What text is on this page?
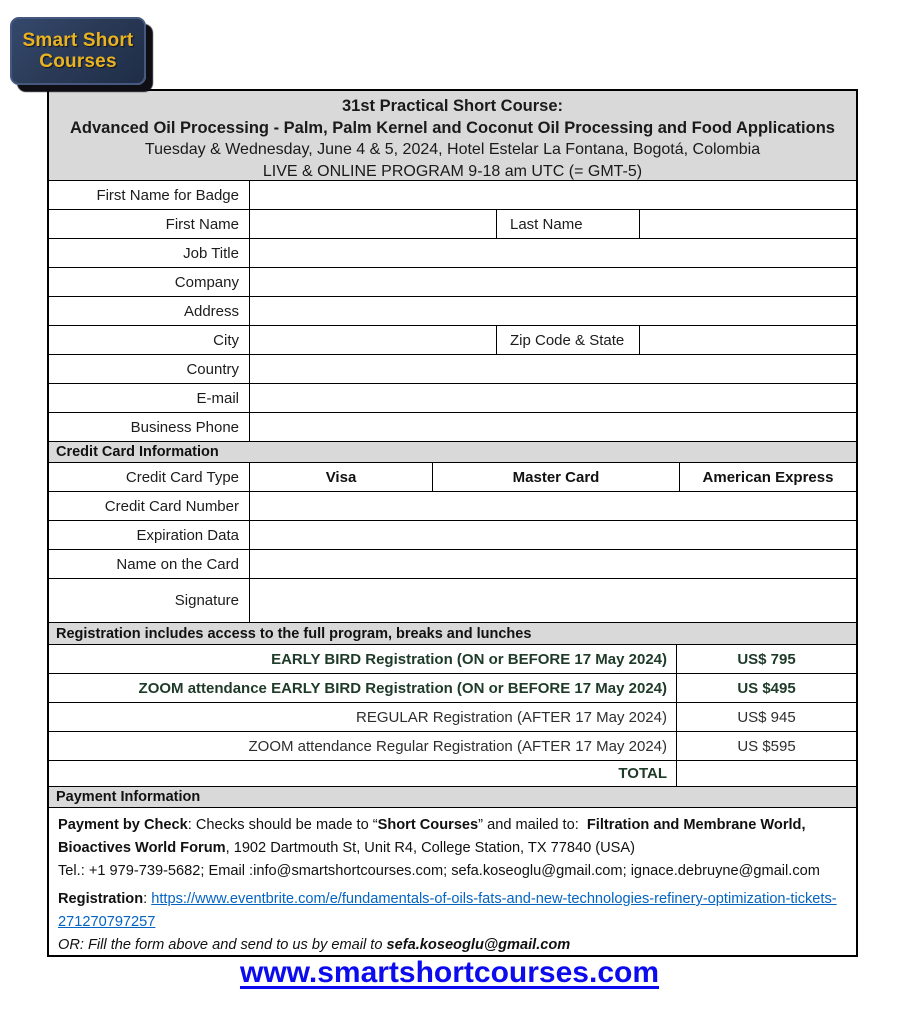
Smart Short
Courses
31st Practical Short Course:
Advanced Oil Processing - Palm, Palm Kernel and Coconut Oil Processing and Food Applications
Tuesday & Wednesday, June 4 & 5, 2024, Hotel Estelar La Fontana, Bogotá, Colombia
LIVE & ONLINE PROGRAM 9-18 am UTC (= GMT-5)
First Name for Badge
First Name	Last Name
Job Title
Company
Address
City	Zip Code & State
Country
E-mail
Business Phone
Credit Card Information
Credit Card Type	Visa	Master Card	American Express
Credit Card Number
Expiration Data
Name on the Card
Signature
Registration includes access to the full program, breaks and lunches
EARLY BIRD Registration (ON or BEFORE 17 May 2024)	US$ 795
ZOOM attendance EARLY BIRD Registration (ON or BEFORE 17 May 2024)	US $495
REGULAR Registration (AFTER 17 May 2024)	US$ 945
ZOOM attendance Regular Registration (AFTER 17 May 2024)	US $595
TOTAL
Payment Information

Payment by Check: Checks should be made to “Short Courses” and mailed to:  Filtration and Membrane World,

Bioactives World Forum, 1902 Dartmouth St, Unit R4, College Station, TX 77840 (USA)

Tel.: +1 979-739-5682; Email :info@smartshortcourses.com; sefa.koseoglu@gmail.com; ignace.debruyne@gmail.com

Registration: https://www.eventbrite.com/e/fundamentals-of-oils-fats-and-new-technologies-refinery-optimization-tickets-271270797257

OR: Fill the form above and send to us by email to sefa.koseoglu@gmail.com

www.smartshortcourses.com
